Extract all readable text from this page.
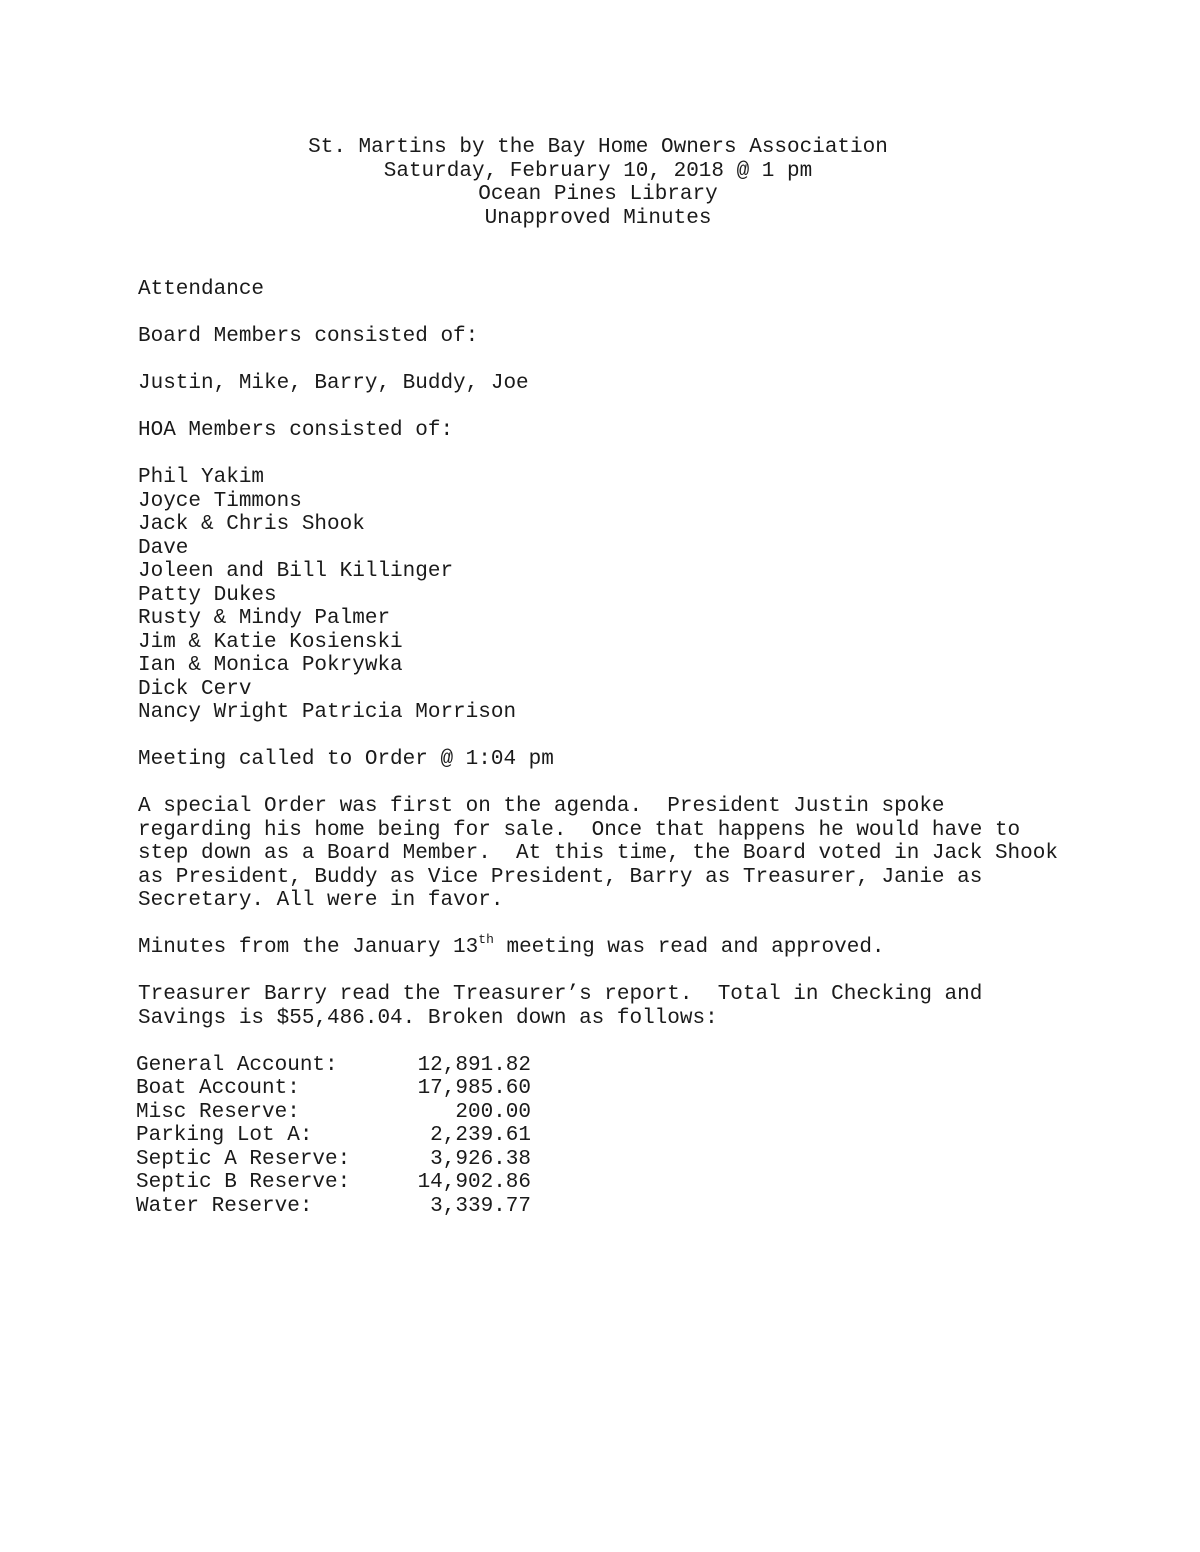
St. Martins by the Bay Home Owners Association
Saturday, February 10, 2018 @ 1 pm
Ocean Pines Library
Unapproved Minutes

Attendance

Board Members consisted of:

Justin, Mike, Barry, Buddy, Joe

HOA Members consisted of:

Phil Yakim
Joyce Timmons
Jack & Chris Shook
Dave
Joleen and Bill Killinger
Patty Dukes
Rusty & Mindy Palmer
Jim & Katie Kosienski
Ian & Monica Pokrywka
Dick Cerv
Nancy Wright Patricia Morrison

Meeting called to Order @ 1:04 pm

A special Order was first on the agenda.  President Justin spoke regarding his home being for sale.  Once that happens he would have to step down as a Board Member.  At this time, the Board voted in Jack Shook as President, Buddy as Vice President, Barry as Treasurer, Janie as Secretary. All were in favor.

Minutes from the January 13th meeting was read and approved.

Treasurer Barry read the Treasurer’s report.  Total in Checking and Savings is $55,486.04. Broken down as follows:

General Account:	12,891.82
Boat Account:	17,985.60
Misc Reserve:	200.00
Parking Lot A:	2,239.61
Septic A Reserve:	3,926.38
Septic B Reserve:	14,902.86
Water Reserve:	3,339.77
